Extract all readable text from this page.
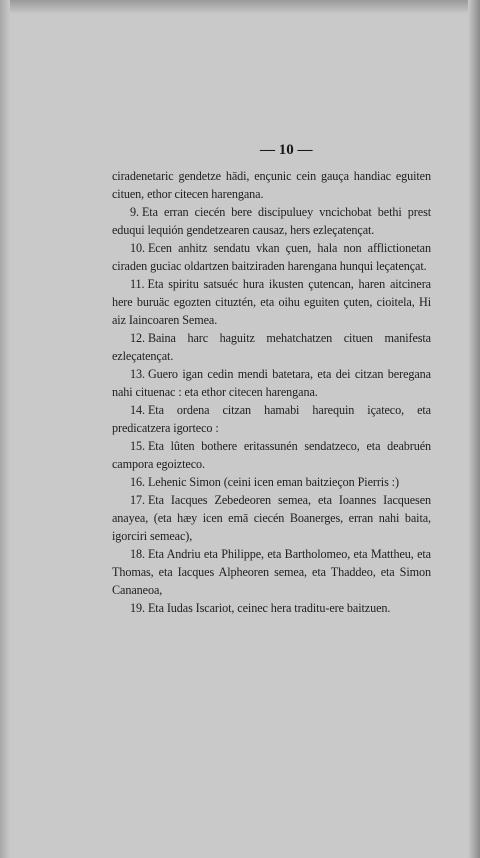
— 10 —

ciradenetaric gendetze hādi, ençunic cein gauça handiac eguiten cituen, ethor citecen harengana.

9. Eta erran ciecén bere discipuluey vncichobat bethi prest eduqui lequión gendetzearen causaz, hers ezleçatençat.

10. Ecen anhitz sendatu vkan çuen, hala non afflictionetan ciraden guciac oldartzen baitziraden harengana hunqui leçatençat.

11. Eta spiritu satsuéc hura ikusten çutencan, haren aitcinera here buruäc egozten cituztén, eta oihu eguiten çuten, cioitela, Hi aiz Iaincoaren Semea.

12. Baina harc haguitz mehatchatzen cituen manifesta ezleçatençat.

13. Guero igan cedin mendi batetara, eta dei citzan beregana nahi cituenac : eta ethor citecen harengana.

14. Eta ordena citzan hamabi harequin içateco, eta predicatzera igorteco :

15. Eta lûten bothere eritassunén sendatzeco, eta deabruén campora egoizteco.

16. Lehenic Simon (ceini icen eman baitzieçon Pierris :)

17. Eta Iacques Zebedeoren semea, eta Ioannes Iacquesen anayea, (eta hæy icen emā ciecén Boanerges, erran nahi baita, igorciri semeac),

18. Eta Andriu eta Philippe, eta Bartholomeo, eta Mattheu, eta Thomas, eta Iacques Alpheoren semea, eta Thaddeo, eta Simon Cananeoa,

19. Eta Iudas Iscariot, ceinec hera traditu-ere baitzuen.
